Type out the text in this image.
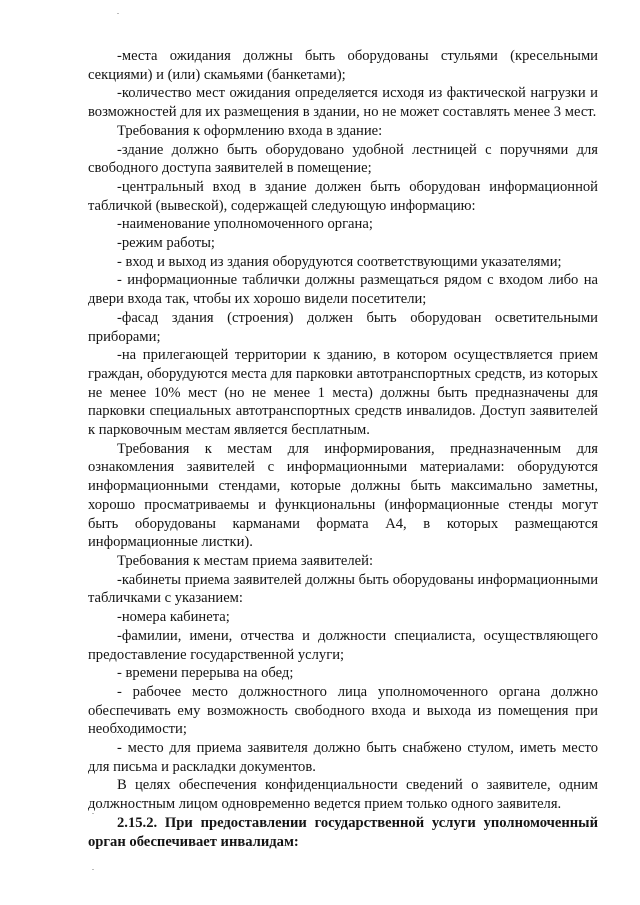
-места ожидания должны быть оборудованы стульями (кресельными секциями) и (или) скамьями (банкетами);

-количество мест ожидания определяется исходя из фактической нагрузки и возможностей для их размещения в здании, но не может составлять менее 3 мест.

Требования к оформлению входа в здание:

-здание должно быть оборудовано удобной лестницей с поручнями для свободного доступа заявителей в помещение;

-центральный вход в здание должен быть оборудован информационной табличкой (вывеской), содержащей следующую информацию:

-наименование уполномоченного органа;

-режим работы;

- вход и выход из здания оборудуются соответствующими указателями;

- информационные таблички должны размещаться рядом с входом либо на двери входа так, чтобы их хорошо видели посетители;

-фасад здания (строения) должен быть оборудован осветительными приборами;

-на прилегающей территории к зданию, в котором осуществляется прием граждан, оборудуются места для парковки автотранспортных средств, из которых не менее 10% мест (но не менее 1 места) должны быть предназначены для парковки специальных автотранспортных средств инвалидов. Доступ заявителей к парковочным местам является бесплатным.

Требования к местам для информирования, предназначенным для ознакомления заявителей с информационными материалами: оборудуются информационными стендами, которые должны быть максимально заметны, хорошо просматриваемы и функциональны (информационные стенды могут быть оборудованы карманами формата А4, в которых размещаются информационные листки).

Требования к местам приема заявителей:

-кабинеты приема заявителей должны быть оборудованы информационными табличками с указанием:

-номера кабинета;

-фамилии, имени, отчества и должности специалиста, осуществляющего предоставление государственной услуги;

- времени перерыва на обед;

- рабочее место должностного лица уполномоченного органа должно обеспечивать ему возможность свободного входа и выхода из помещения при необходимости;

- место для приема заявителя должно быть снабжено стулом, иметь место для письма и раскладки документов.

В целях обеспечения конфиденциальности сведений о заявителе, одним должностным лицом одновременно ведется прием только одного заявителя.

2.15.2. При предоставлении государственной услуги уполномоченный орган обеспечивает инвалидам:
